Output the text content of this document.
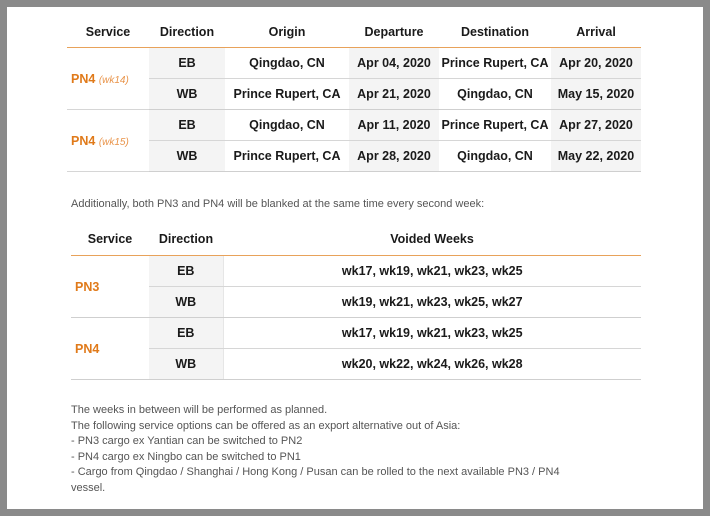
Service	Direction	Origin	Departure	Destination	Arrival
PN4 (wk14)	EB	Qingdao, CN	Apr 04, 2020	Prince Rupert, CA	Apr 20, 2020
	WB	Prince Rupert, CA	Apr 21, 2020	Qingdao, CN	May 15, 2020
PN4 (wk15)	EB	Qingdao, CN	Apr 11, 2020	Prince Rupert, CA	Apr 27, 2020
	WB	Prince Rupert, CA	Apr 28, 2020	Qingdao, CN	May 22, 2020
Additionally, both PN3 and PN4 will be blanked at the same time every second week:
Service	Direction	Voided Weeks
PN3	EB	wk17, wk19, wk21, wk23, wk25
	WB	wk19, wk21, wk23, wk25, wk27
PN4	EB	wk17, wk19, wk21, wk23, wk25
	WB	wk20, wk22, wk24, wk26, wk28
The weeks in between will be performed as planned.
The following service options can be offered as an export alternative out of Asia:
- PN3 cargo ex Yantian can be switched to PN2
- PN4 cargo ex Ningbo can be switched to PN1
- Cargo from Qingdao / Shanghai / Hong Kong / Pusan can be rolled to the next available PN3 / PN4
vessel.
